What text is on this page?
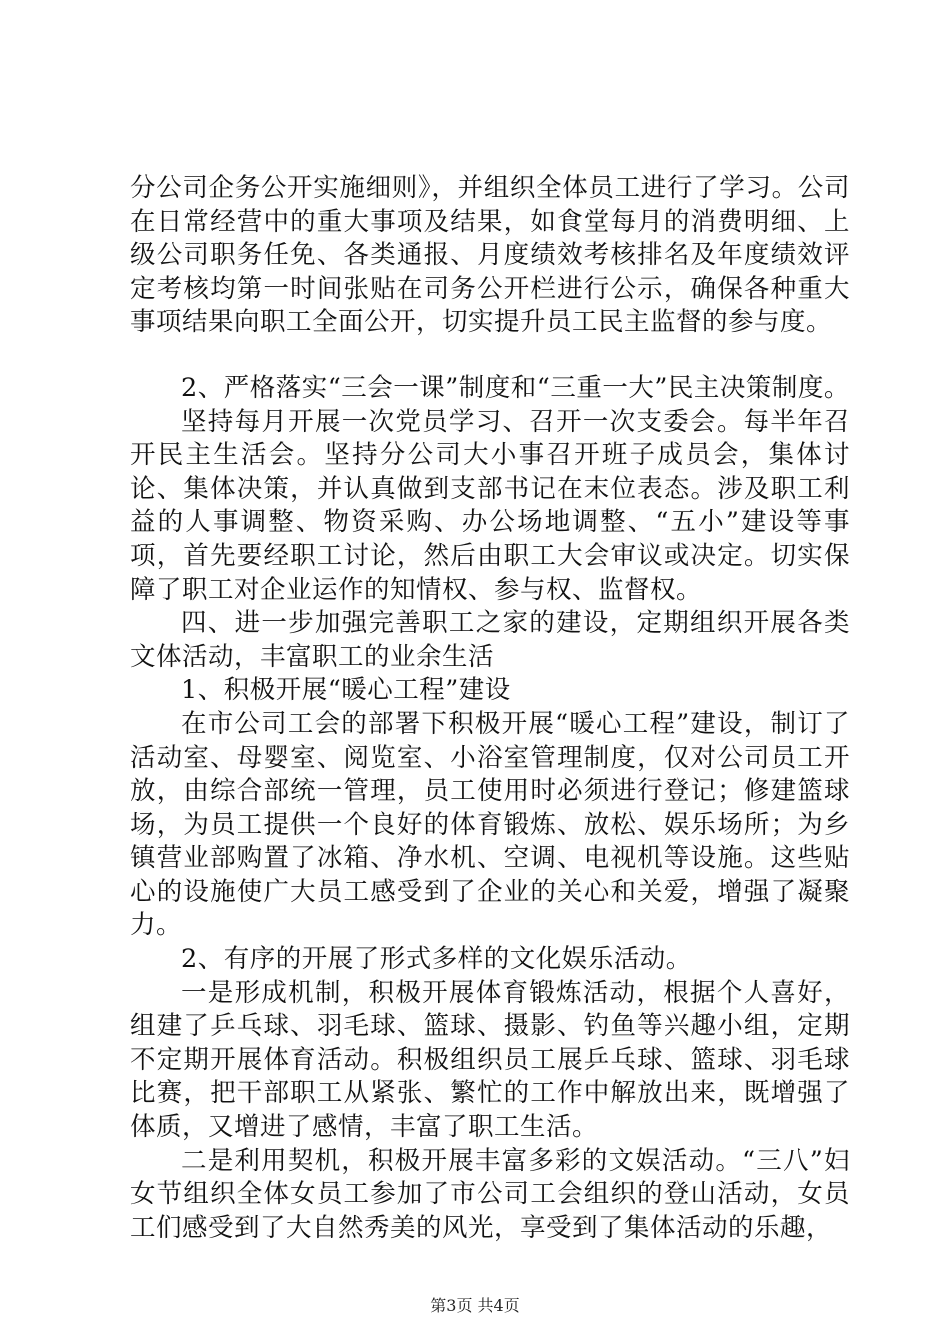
分公司企务公开实施细则》，并组织全体员工进行了学习。公司在日常经营中的重大事项及结果，如食堂每月的消费明细、上级公司职务任免、各类通报、月度绩效考核排名及年度绩效评定考核均第一时间张贴在司务公开栏进行公示，确保各种重大事项结果向职工全面公开，切实提升员工民主监督的参与度。

2、严格落实“三会一课”制度和“三重一大”民主决策制度。

坚持每月开展一次党员学习、召开一次支委会。每半年召开民主生活会。坚持分公司大小事召开班子成员会，集体讨论、集体决策，并认真做到支部书记在末位表态。涉及职工利益的人事调整、物资采购、办公场地调整、“五小”建设等事项，首先要经职工讨论，然后由职工大会审议或决定。切实保障了职工对企业运作的知情权、参与权、监督权。

四、进一步加强完善职工之家的建设，定期组织开展各类文体活动，丰富职工的业余生活

1、积极开展“暖心工程”建设

在市公司工会的部署下积极开展“暖心工程”建设，制订了活动室、母婴室、阅览室、小浴室管理制度，仅对公司员工开放，由综合部统一管理，员工使用时必须进行登记；修建篮球场，为员工提供一个良好的体育锻炼、放松、娱乐场所；为乡镇营业部购置了冰箱、净水机、空调、电视机等设施。这些贴心的设施使广大员工感受到了企业的关心和关爱，增强了凝聚力。

2、有序的开展了形式多样的文化娱乐活动。

一是形成机制，积极开展体育锻炼活动，根据个人喜好，组建了乒乓球、羽毛球、篮球、摄影、钓鱼等兴趣小组，定期不定期开展体育活动。积极组织员工展乒乓球、篮球、羽毛球比赛，把干部职工从紧张、繁忙的工作中解放出来，既增强了体质，又增进了感情，丰富了职工生活。

二是利用契机，积极开展丰富多彩的文娱活动。“三八”妇女节组织全体女员工参加了市公司工会组织的登山活动，女员工们感受到了大自然秀美的风光，享受到了集体活动的乐趣，

第3页 共4页
